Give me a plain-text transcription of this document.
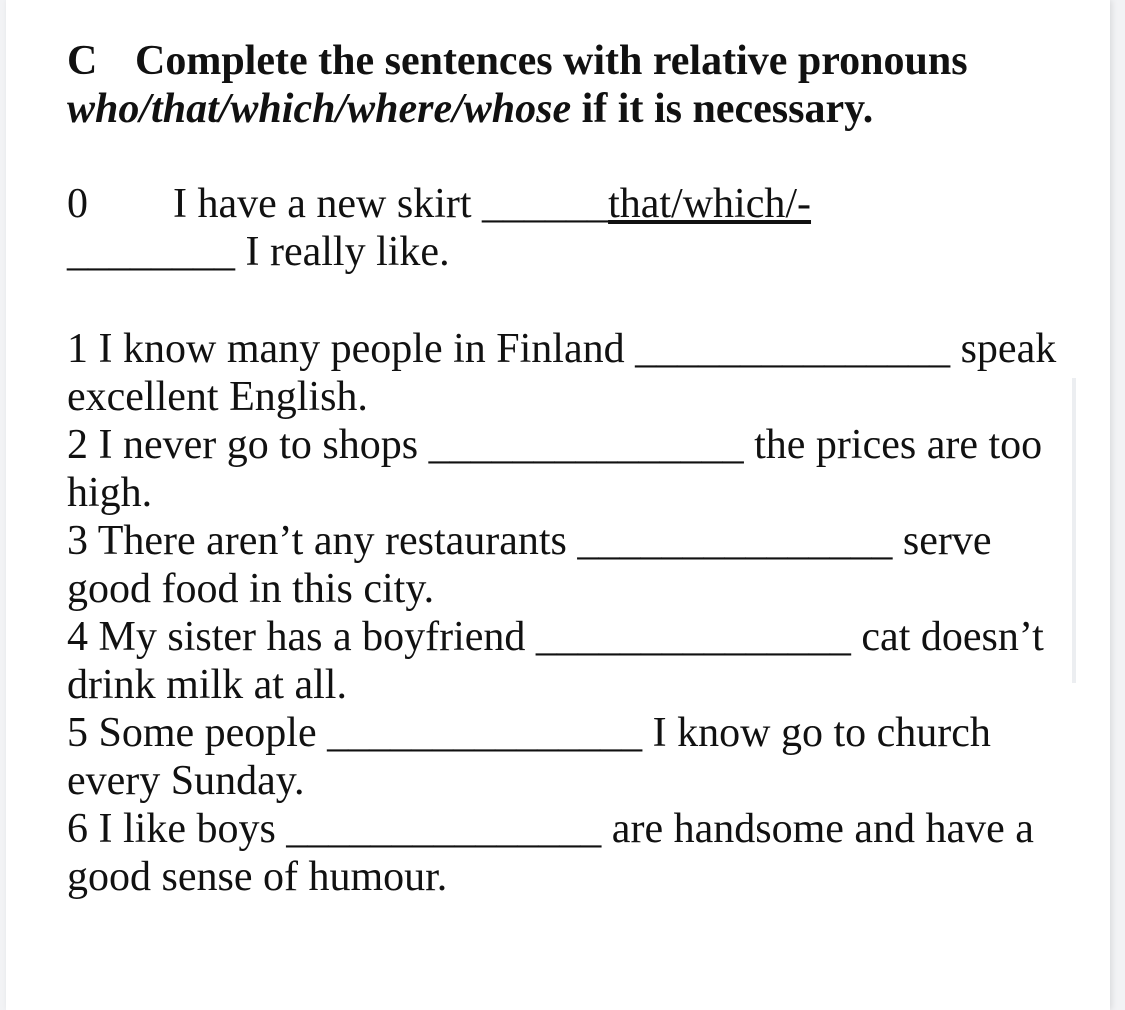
C Complete the sentences with relative pronouns who/that/which/where/whose if it is necessary.

0 I have a new skirt ______that/which/-
________ I really like.

1 I know many people in Finland _______________ speak excellent English.

2 I never go to shops _______________ the prices are too high.

3 There aren’t any restaurants _______________ serve good food in this city.

4 My sister has a boyfriend _______________ cat doesn’t drink milk at all.

5 Some people _______________ I know go to church every Sunday.

6 I like boys _______________ are handsome and have a good sense of humour.
